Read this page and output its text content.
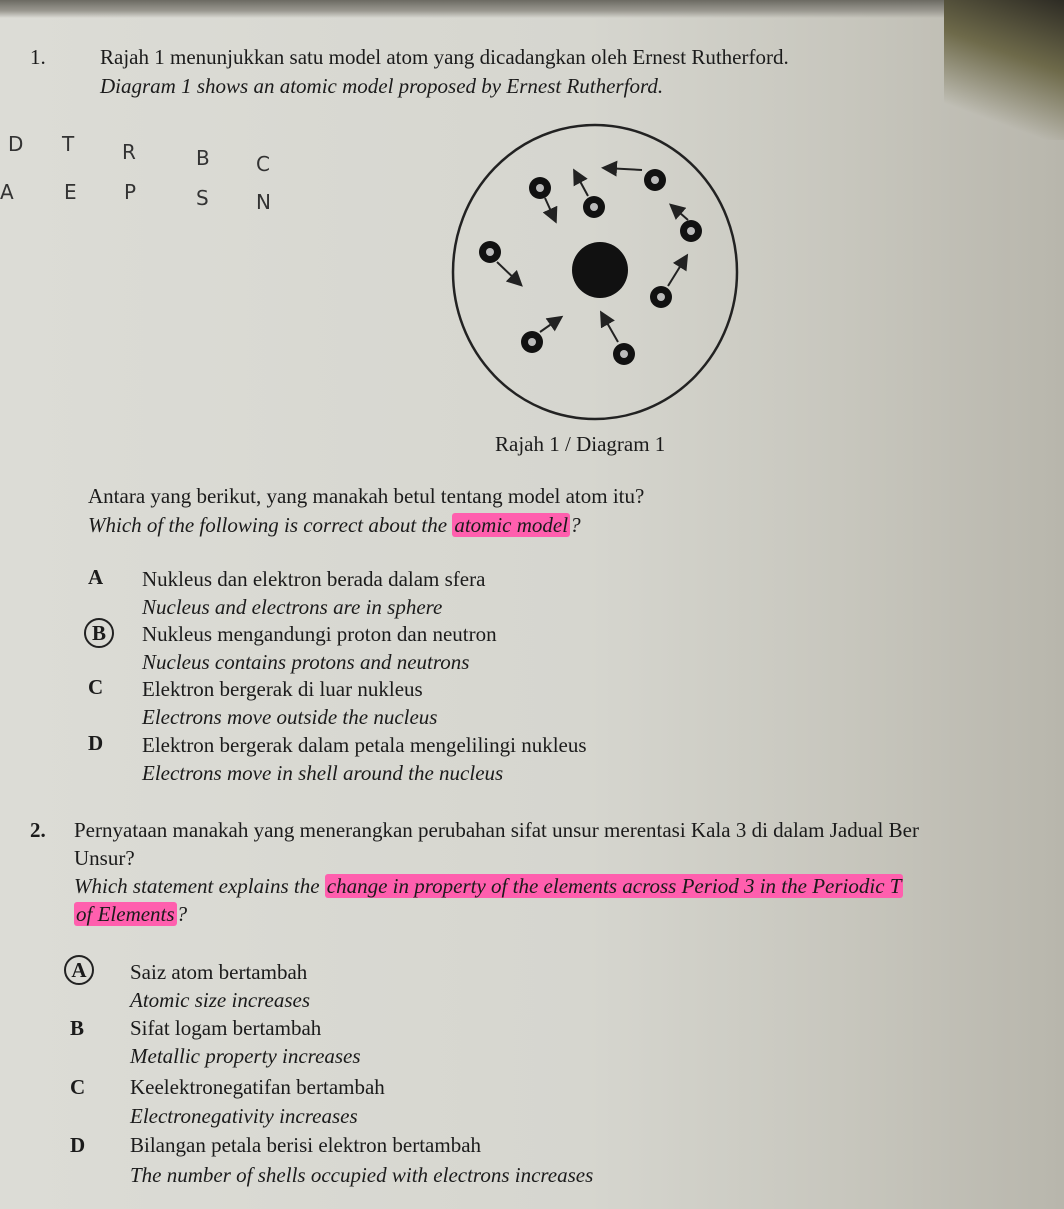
1.	Rajah 1 menunjukkan satu model atom yang dicadangkan oleh Ernest Rutherford.
Diagram 1 shows an atomic model proposed by Ernest Rutherford.
D T R	B C
A	E P	S N
Rajah 1 / Diagram 1
Antara yang berikut, yang manakah betul tentang model atom itu?
Which of the following is correct about the atomic model?
A Nukleus dan elektron berada dalam sfera
Nucleus and electrons are in sphere
B	Nukleus mengandungi proton dan neutron
Nucleus contains protons and neutrons
C Elektron bergerak di luar nukleus
Electrons move outside the nucleus
D Elektron bergerak dalam petala mengelilingi nukleus
Electrons move in shell around the nucleus
2. Pernyataan manakah yang menerangkan perubahan sifat unsur merentasi Kala 3 di dalam Jadual Ber
Unsur?
Which statement explains the change in property of the elements across Period 3 in the Periodic T
of Elements?
A	Saiz atom bertambah
Atomic size increases
B Sifat logam bertambah
Metallic property increases
C Keelektronegatifan bertambah
Electronegativity increases
D Bilangan petala berisi elektron bertambah
The number of shells occupied with electrons increases
